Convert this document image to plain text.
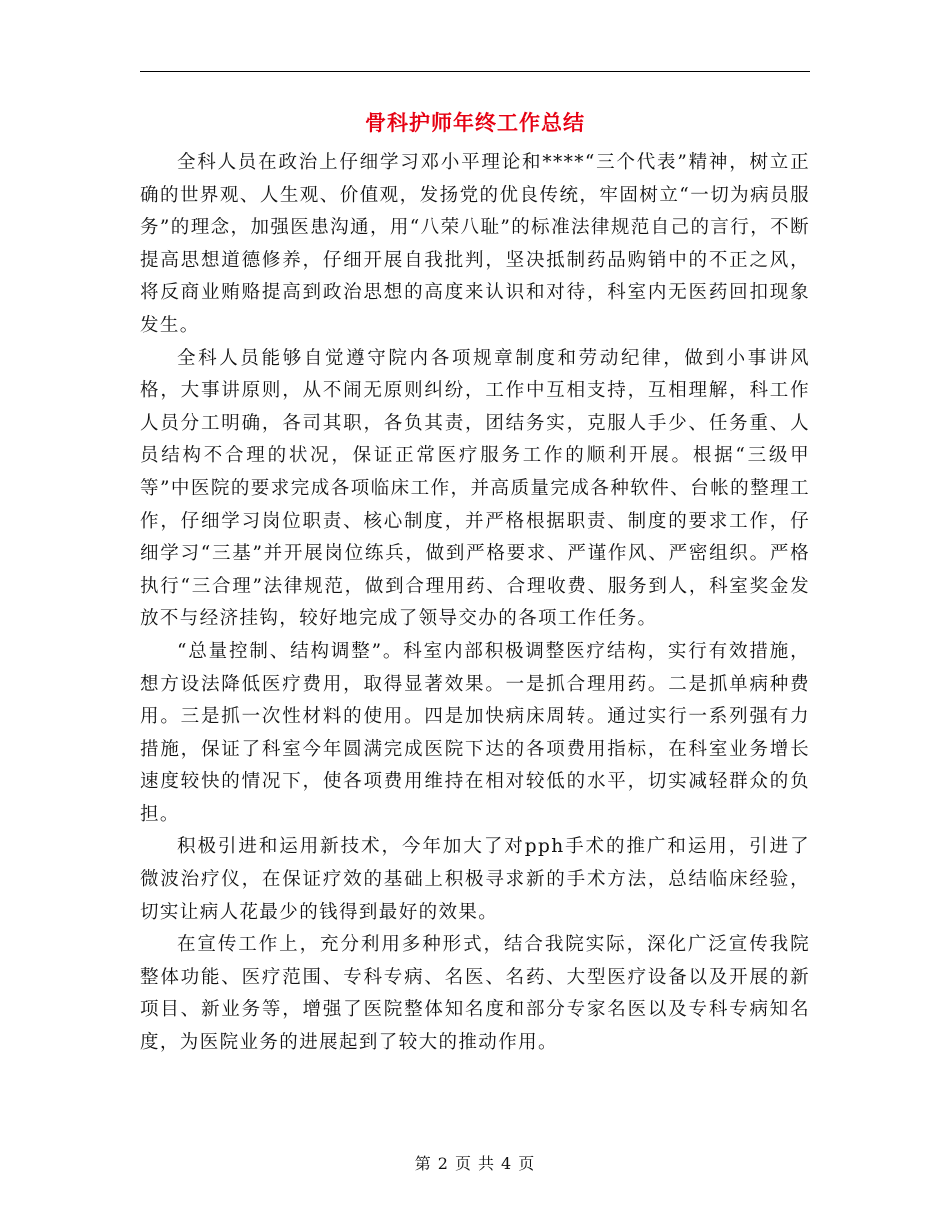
骨科护师年终工作总结

全科人员在政治上仔细学习邓小平理论和****“三个代表”精神，树立正确的世界观、人生观、价值观，发扬党的优良传统，牢固树立“一切为病员服务”的理念，加强医患沟通，用“八荣八耻”的标准法律规范自己的言行，不断提高思想道德修养，仔细开展自我批判，坚决抵制药品购销中的不正之风，将反商业贿赂提高到政治思想的高度来认识和对待，科室内无医药回扣现象发生。

全科人员能够自觉遵守院内各项规章制度和劳动纪律，做到小事讲风格，大事讲原则，从不闹无原则纠纷，工作中互相支持，互相理解，科工作人员分工明确，各司其职，各负其责，团结务实，克服人手少、任务重、人员结构不合理的状况，保证正常医疗服务工作的顺利开展。根据“三级甲等”中医院的要求完成各项临床工作，并高质量完成各种软件、台帐的整理工作，仔细学习岗位职责、核心制度，并严格根据职责、制度的要求工作，仔细学习“三基”并开展岗位练兵，做到严格要求、严谨作风、严密组织。严格执行“三合理”法律规范，做到合理用药、合理收费、服务到人，科室奖金发放不与经济挂钩，较好地完成了领导交办的各项工作任务。

“总量控制、结构调整”。科室内部积极调整医疗结构，实行有效措施，想方设法降低医疗费用，取得显著效果。一是抓合理用药。二是抓单病种费用。三是抓一次性材料的使用。四是加快病床周转。通过实行一系列强有力措施，保证了科室今年圆满完成医院下达的各项费用指标，在科室业务增长速度较快的情况下，使各项费用维持在相对较低的水平，切实减轻群众的负担。

积极引进和运用新技术，今年加大了对pph手术的推广和运用，引进了微波治疗仪，在保证疗效的基础上积极寻求新的手术方法，总结临床经验，切实让病人花最少的钱得到最好的效果。

在宣传工作上，充分利用多种形式，结合我院实际，深化广泛宣传我院整体功能、医疗范围、专科专病、名医、名药、大型医疗设备以及开展的新项目、新业务等，增强了医院整体知名度和部分专家名医以及专科专病知名度，为医院业务的进展起到了较大的推动作用。

第 2 页 共 4 页
